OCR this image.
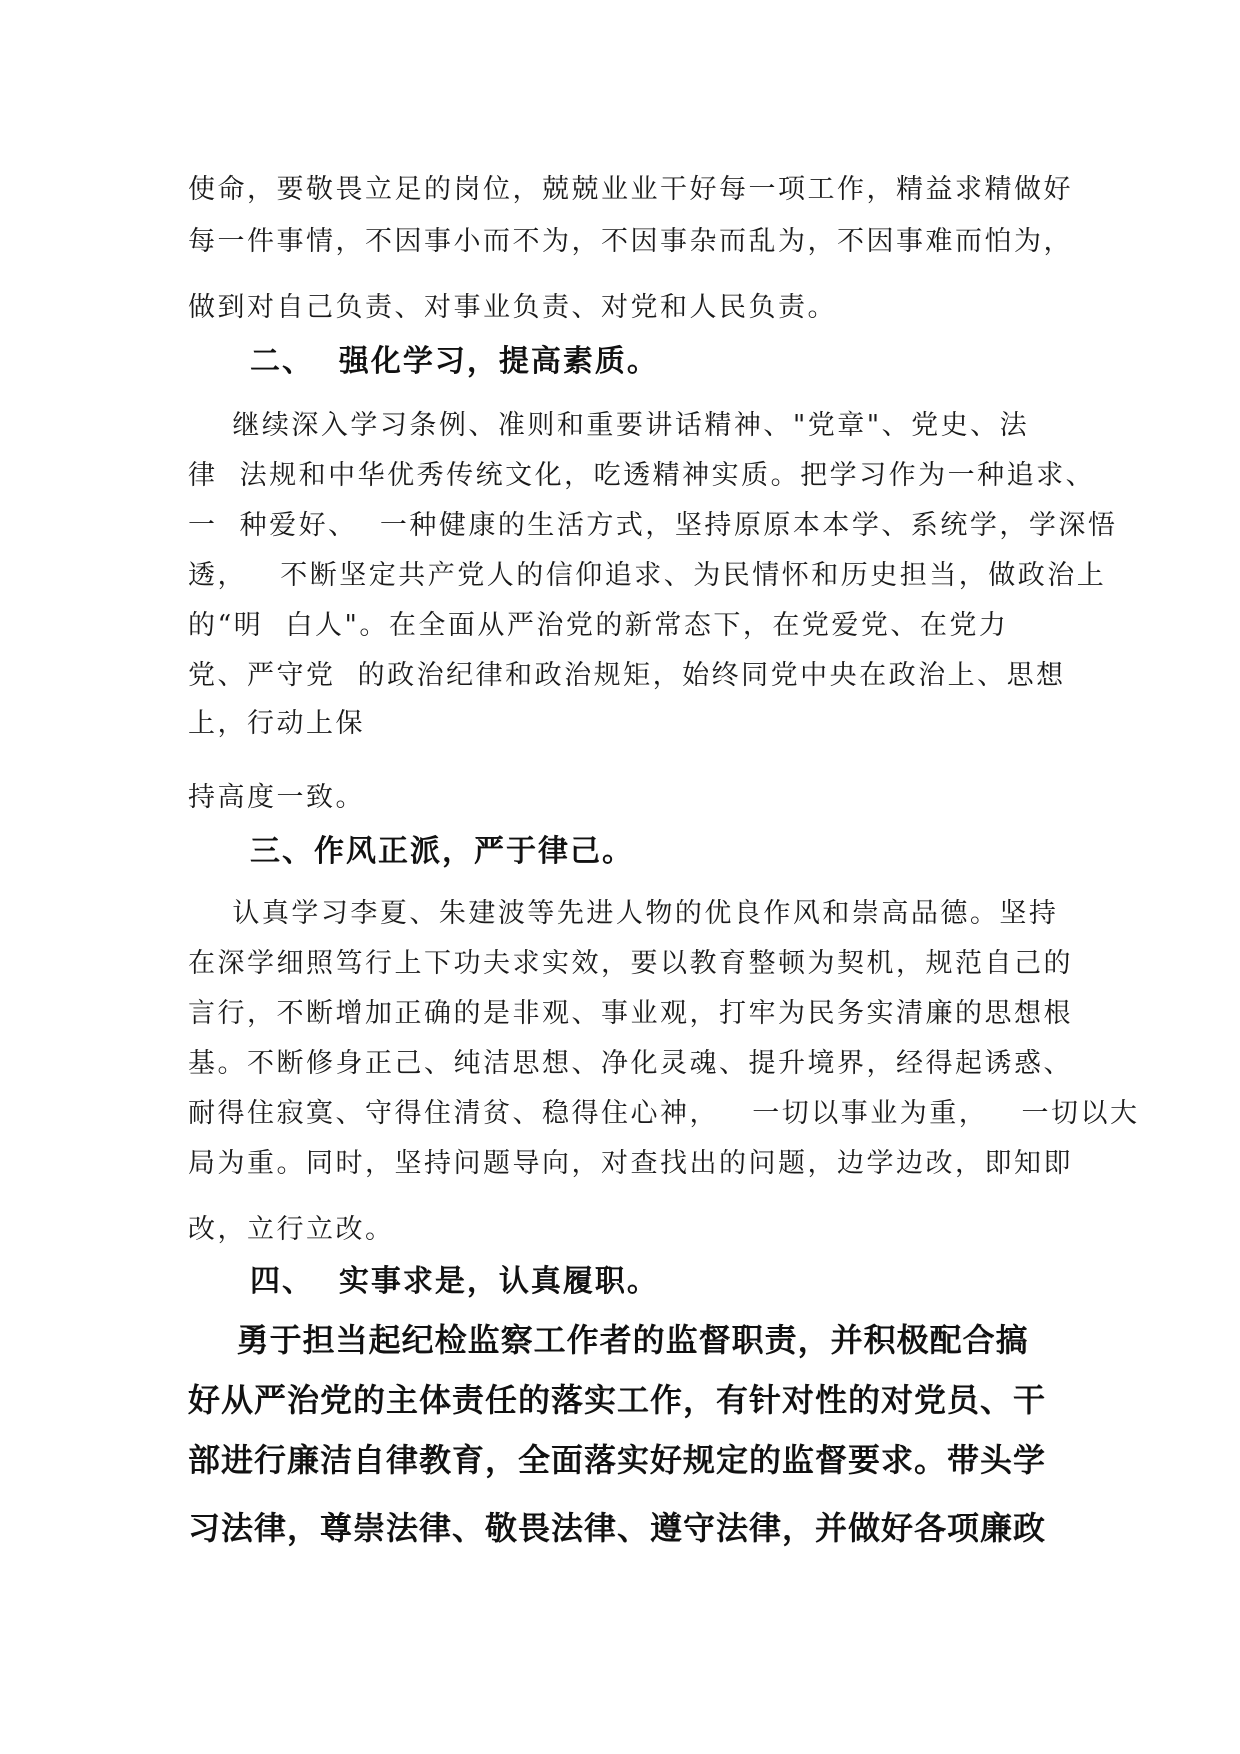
使命，要敬畏立足的岗位，兢兢业业干好每一项工作，精益求精做好
每一件事情，不因事小而不为，不因事杂而乱为，不因事难而怕为，
做到对自己负责、对事业负责、对党和人民负责。
二、  强化学习，提高素质。
继续深入学习条例、准则和重要讲话精神、"党章"、党史、法
律  法规和中华优秀传统文化，吃透精神实质。把学习作为一种追求、
一  种爱好、  一种健康的生活方式，坚持原原本本学、系统学，学深悟
透，   不断坚定共产党人的信仰追求、为民情怀和历史担当，做政治上
的“明  白人"。在全面从严治党的新常态下，在党爱党、在党力
党、严守党  的政治纪律和政治规矩，始终同党中央在政治上、思想
上，行动上保
持高度一致。
三、作风正派，严于律己。
认真学习李夏、朱建波等先进人物的优良作风和崇高品德。坚持
在深学细照笃行上下功夫求实效，要以教育整顿为契机，规范自己的
言行，不断增加正确的是非观、事业观，打牢为民务实清廉的思想根
基。不断修身正己、纯洁思想、净化灵魂、提升境界，经得起诱惑、
耐得住寂寞、守得住清贫、稳得住心神，   一切以事业为重，   一切以大
局为重。同时，坚持问题导向，对查找出的问题，边学边改，即知即
改，立行立改。
四、  实事求是，认真履职。
勇于担当起纪检监察工作者的监督职责，并积极配合搞
好从严治党的主体责任的落实工作，有针对性的对党员、干
部进行廉洁自律教育，全面落实好规定的监督要求。带头学
习法律，尊崇法律、敬畏法律、遵守法律，并做好各项廉政
